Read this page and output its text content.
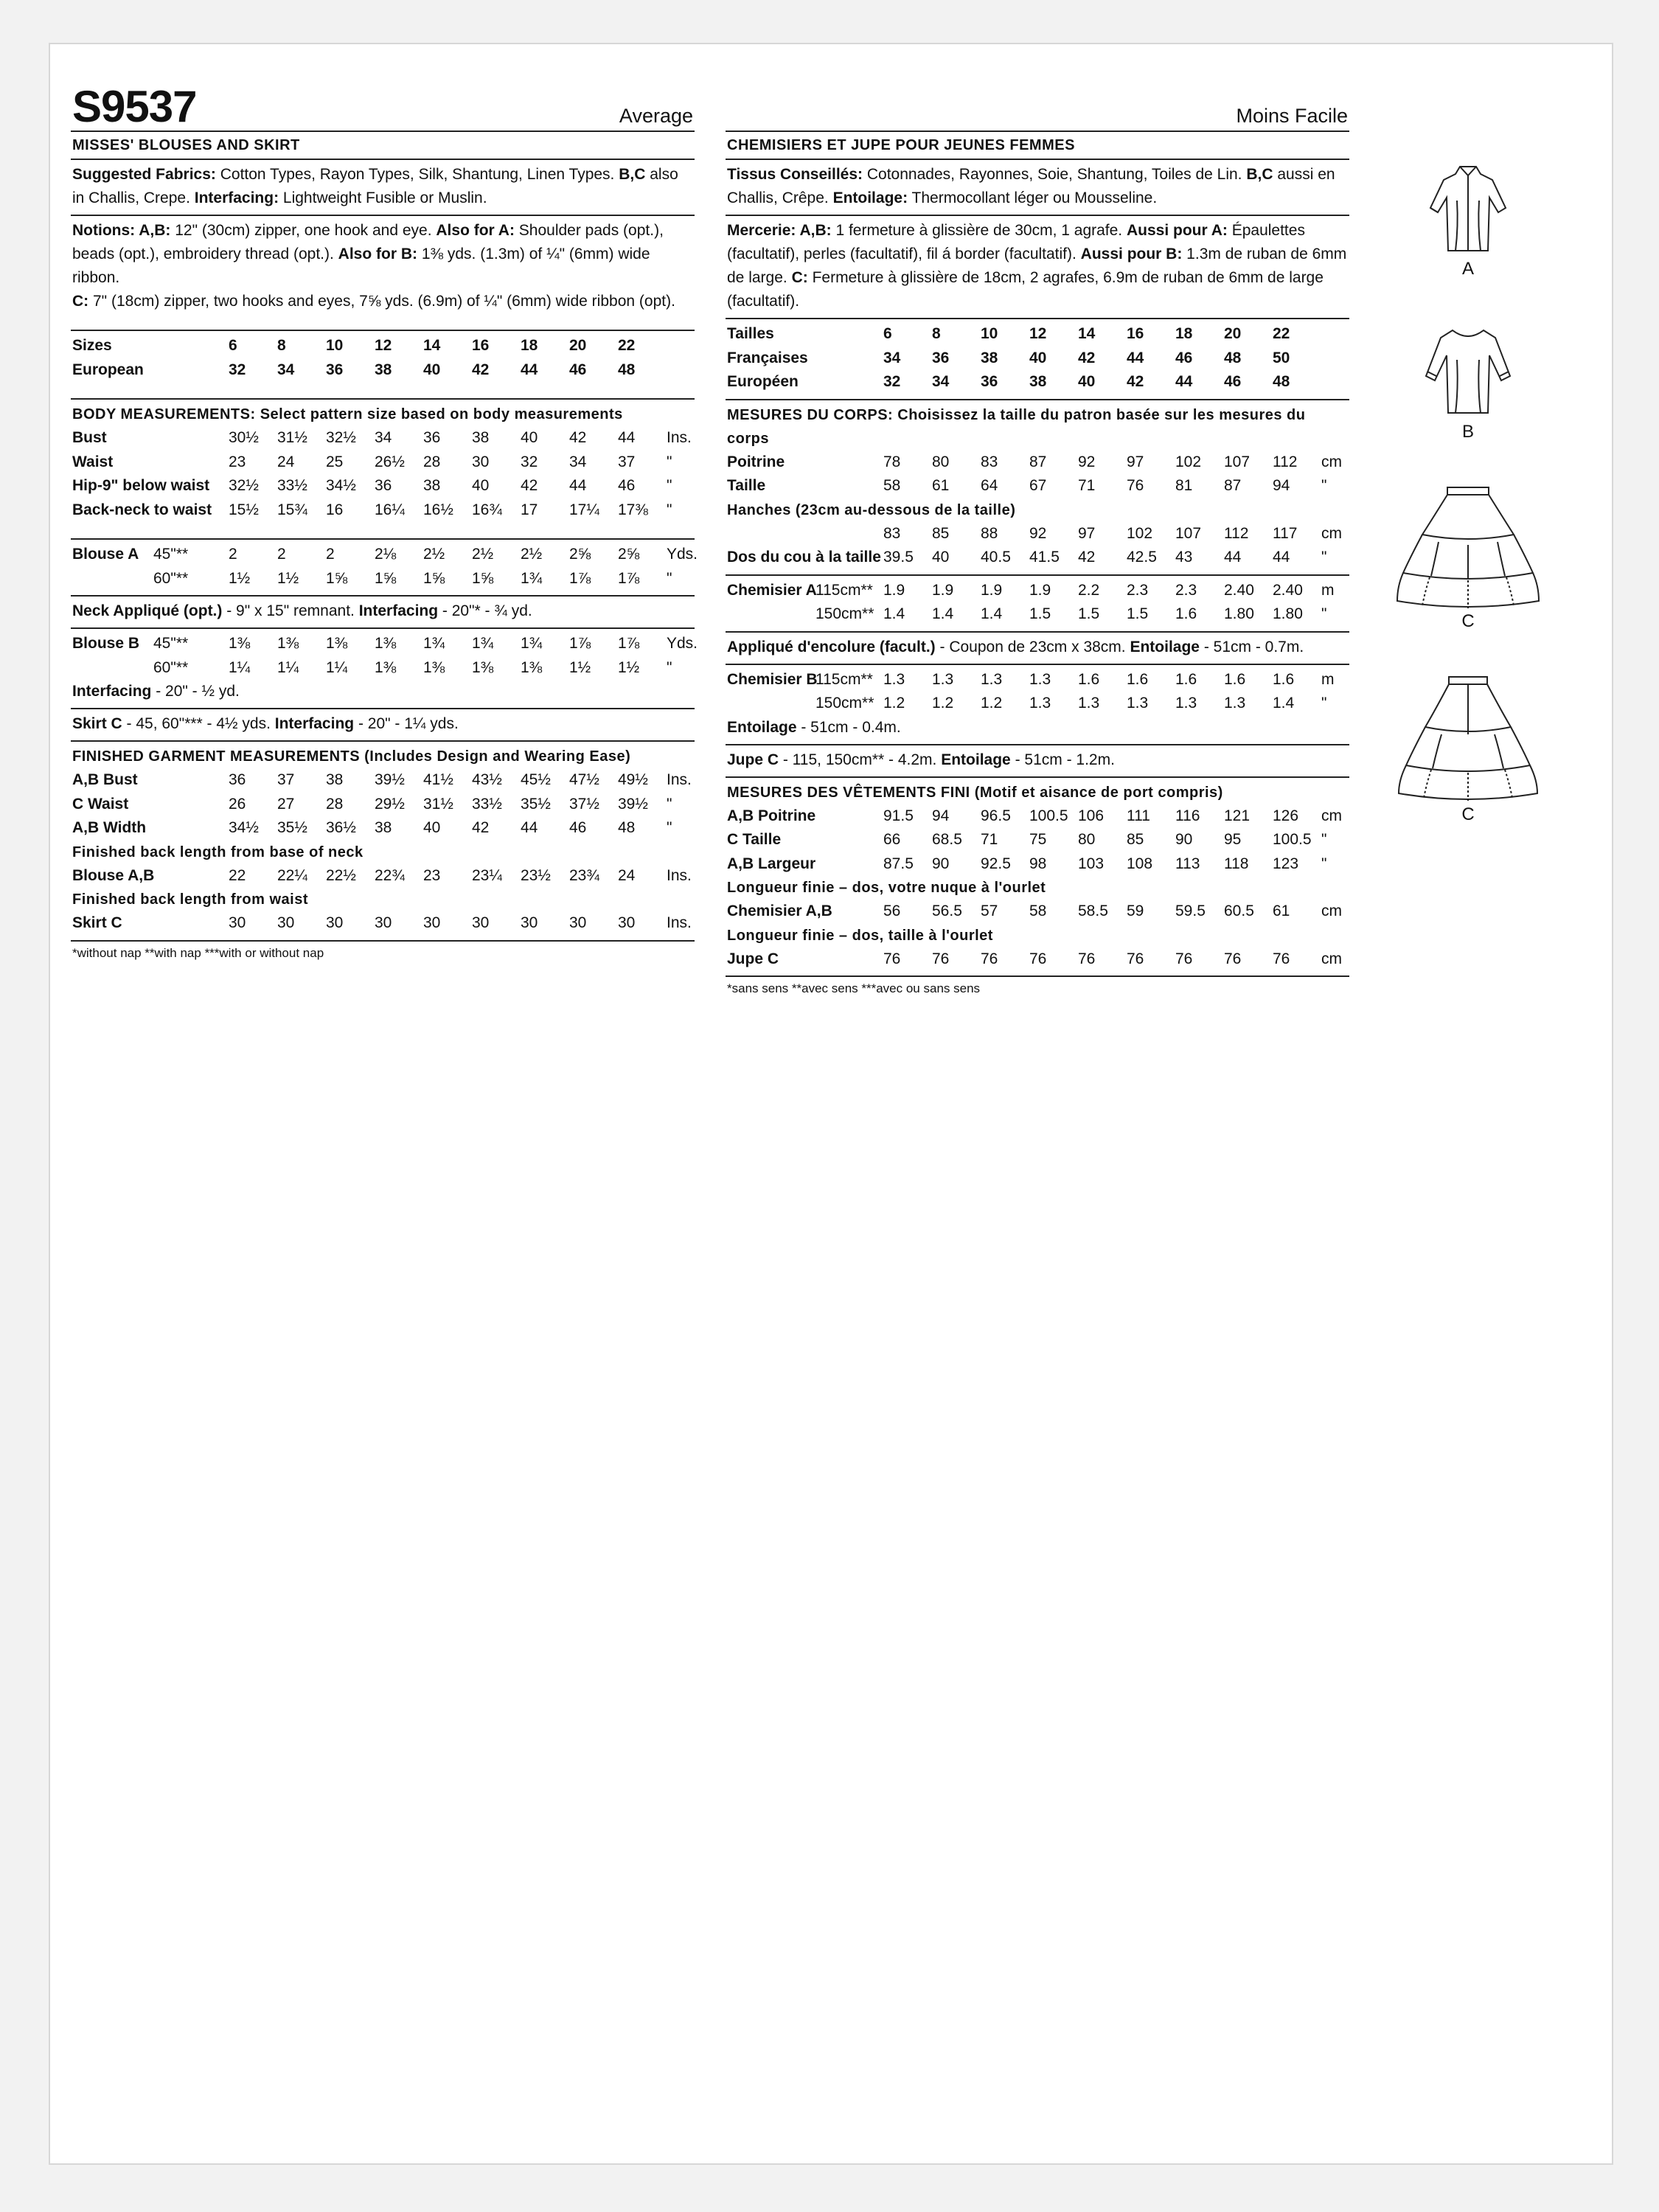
S9537	Average
MISSES' BLOUSES AND SKIRT
Suggested Fabrics: Cotton Types, Rayon Types, Silk, Shantung, Linen Types. B,C also in Challis, Crepe. Interfacing: Lightweight Fusible or Muslin.
Notions: A,B: 12" (30cm) zipper, one hook and eye. Also for A: Shoulder pads (opt.), beads (opt.), embroidery thread (opt.). Also for B: 1⅜ yds. (1.3m) of ¼" (6mm) wide ribbon.
C: 7" (18cm) zipper, two hooks and eyes, 7⅝ yds. (6.9m) of ¼" (6mm) wide ribbon (opt).
Sizes	6	8	10	12	14	16	18	20	22	
European	32	34	36	38	40	42	44	46	48	
BODY MEASUREMENTS: Select pattern size based on body measurements
Bust	30½	31½	32½	34	36	38	40	42	44	Ins.
Waist	23	24	25	26½	28	30	32	34	37	"
Hip-9" below waist	32½	33½	34½	36	38	40	42	44	46	"
Back-neck to waist	15½	15¾	16	16¼	16½	16¾	17	17¼	17⅜	"
Blouse A	45"**	2	2	2	2⅛	2½	2½	2½	2⅝	2⅝	Yds.
	60"**	1½	1½	1⅝	1⅝	1⅝	1⅝	1¾	1⅞	1⅞	"
Neck Appliqué (opt.) - 9" x 15" remnant. Interfacing - 20"* - ¾ yd.
Blouse B	45"**	1⅜	1⅜	1⅜	1⅜	1¾	1¾	1¾	1⅞	1⅞	Yds.
	60"**	1¼	1¼	1¼	1⅜	1⅜	1⅜	1⅜	1½	1½	"
Interfacing - 20" - ½ yd.
Skirt C - 45, 60"*** - 4½ yds. Interfacing - 20" - 1¼ yds.
FINISHED GARMENT MEASUREMENTS (Includes Design and Wearing Ease)
A,B Bust	36	37	38	39½	41½	43½	45½	47½	49½	Ins.
C Waist	26	27	28	29½	31½	33½	35½	37½	39½	"
A,B Width	34½	35½	36½	38	40	42	44	46	48	"
Finished back length from base of neck
Blouse A,B	22	22¼	22½	22¾	23	23¼	23½	23¾	24	Ins.
Finished back length from waist
Skirt C	30	30	30	30	30	30	30	30	30	Ins.
*without nap **with nap ***with or without nap
Moins Facile
CHEMISIERS ET JUPE POUR JEUNES FEMMES
Tissus Conseillés: Cotonnades, Rayonnes, Soie, Shantung, Toiles de Lin. B,C aussi en Challis, Crêpe. Entoilage: Thermocollant léger ou Mousseline.
Mercerie: A,B: 1 fermeture à glissière de 30cm, 1 agrafe. Aussi pour A: Épaulettes (facultatif), perles (facultatif), fil á border (facultatif). Aussi pour B: 1.3m de ruban de 6mm de large. C: Fermeture à glissière de 18cm, 2 agrafes, 6.9m de ruban de 6mm de large (facultatif).
Tailles	6	8	10	12	14	16	18	20	22	
Françaises	34	36	38	40	42	44	46	48	50	
Européen	32	34	36	38	40	42	44	46	48	
MESURES DU CORPS: Choisissez la taille du patron basée sur les mesures du corps
Poitrine	78	80	83	87	92	97	102	107	112	cm
Taille	58	61	64	67	71	76	81	87	94	"
Hanches (23cm au-dessous de la taille)
	83	85	88	92	97	102	107	112	117	cm
Dos du cou à la taille	39.5	40	40.5	41.5	42	42.5	43	44	44	"
Chemisier A	115cm**	1.9	1.9	1.9	1.9	2.2	2.3	2.3	2.40	2.40	m
	150cm**	1.4	1.4	1.4	1.5	1.5	1.5	1.6	1.80	1.80	"
Appliqué d'encolure (facult.) - Coupon de 23cm x 38cm. Entoilage - 51cm - 0.7m.
Chemisier B	115cm**	1.3	1.3	1.3	1.3	1.6	1.6	1.6	1.6	1.6	m
	150cm**	1.2	1.2	1.2	1.3	1.3	1.3	1.3	1.3	1.4	"
Entoilage - 51cm - 0.4m.
Jupe C - 115, 150cm** - 4.2m. Entoilage - 51cm - 1.2m.
MESURES DES VÊTEMENTS FINI (Motif et aisance de port compris)
A,B Poitrine	91.5	94	96.5	100.5	106	111	116	121	126	cm
C Taille	66	68.5	71	75	80	85	90	95	100.5	"
A,B Largeur	87.5	90	92.5	98	103	108	113	118	123	"
Longueur finie – dos, votre nuque à l'ourlet
Chemisier A,B	56	56.5	57	58	58.5	59	59.5	60.5	61	cm
Longueur finie – dos, taille à l'ourlet
Jupe C	76	76	76	76	76	76	76	76	76	cm
*sans sens **avec sens ***avec ou sans sens
A
B
C
C
